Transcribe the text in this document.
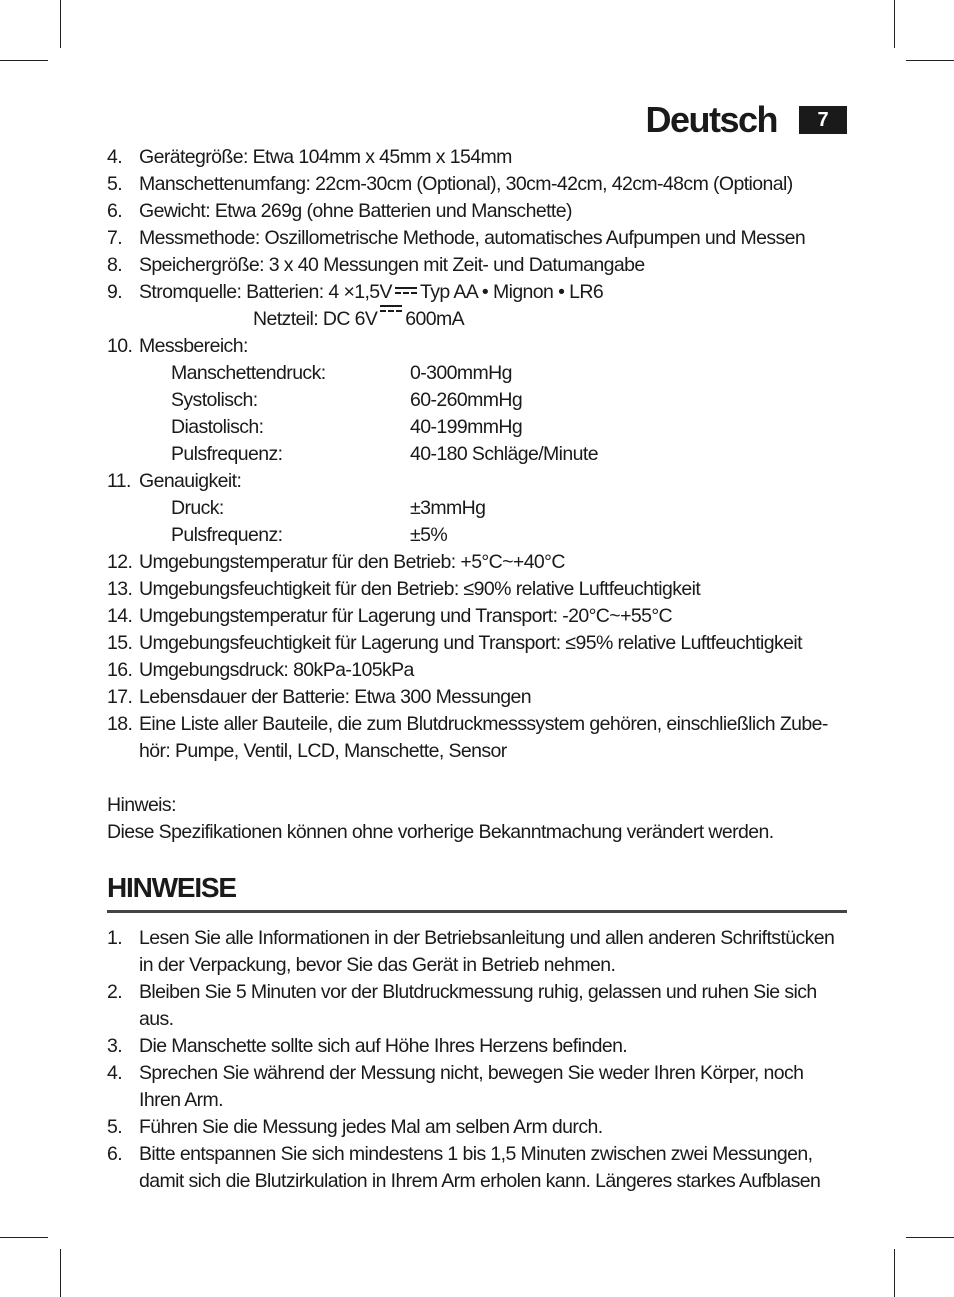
Deutsch	7
4. Gerätegröße: Etwa 104mm x 45mm x 154mm
5. Manschettenumfang: 22cm-30cm (Optional), 30cm-42cm, 42cm-48cm (Optional)
6. Gewicht: Etwa 269g (ohne Batterien und Manschette)
7. Messmethode: Oszillometrische Methode, automatisches Aufpumpen und Messen
8. Speichergröße: 3 x 40 Messungen mit Zeit- und Datumangabe
9. Stromquelle: Batterien: 4 ×1,5V Typ AA • Mignon • LR6
Netzteil: DC 6V 600mA
10. Messbereich:
Manschettendruck:	0-300mmHg
Systolisch:	60-260mmHg
Diastolisch:	40-199mmHg
Pulsfrequenz:	40-180 Schläge/Minute
11. Genauigkeit:
Druck:	±3mmHg
Pulsfrequenz:	±5%
12. Umgebungstemperatur für den Betrieb: +5°C~+40°C
13. Umgebungsfeuchtigkeit für den Betrieb: ≤90% relative Luftfeuchtigkeit
14. Umgebungstemperatur für Lagerung und Transport: -20°C~+55°C
15. Umgebungsfeuchtigkeit für Lagerung und Transport: ≤95% relative Luftfeuchtigkeit
16. Umgebungsdruck: 80kPa-105kPa
17. Lebensdauer der Batterie: Etwa 300 Messungen
18. Eine Liste aller Bauteile, die zum Blutdruckmesssystem gehören, einschließlich Zube-hör: Pumpe, Ventil, LCD, Manschette, Sensor
Hinweis:
Diese Spezifikationen können ohne vorherige Bekanntmachung verändert werden.
HINWEISE
1. Lesen Sie alle Informationen in der Betriebsanleitung und allen anderen Schriftstücken in der Verpackung, bevor Sie das Gerät in Betrieb nehmen.
2. Bleiben Sie 5 Minuten vor der Blutdruckmessung ruhig, gelassen und ruhen Sie sich aus.
3. Die Manschette sollte sich auf Höhe Ihres Herzens befinden.
4. Sprechen Sie während der Messung nicht, bewegen Sie weder Ihren Körper, noch Ihren Arm.
5. Führen Sie die Messung jedes Mal am selben Arm durch.
6. Bitte entspannen Sie sich mindestens 1 bis 1,5 Minuten zwischen zwei Messungen, damit sich die Blutzirkulation in Ihrem Arm erholen kann. Längeres starkes Aufblasen
